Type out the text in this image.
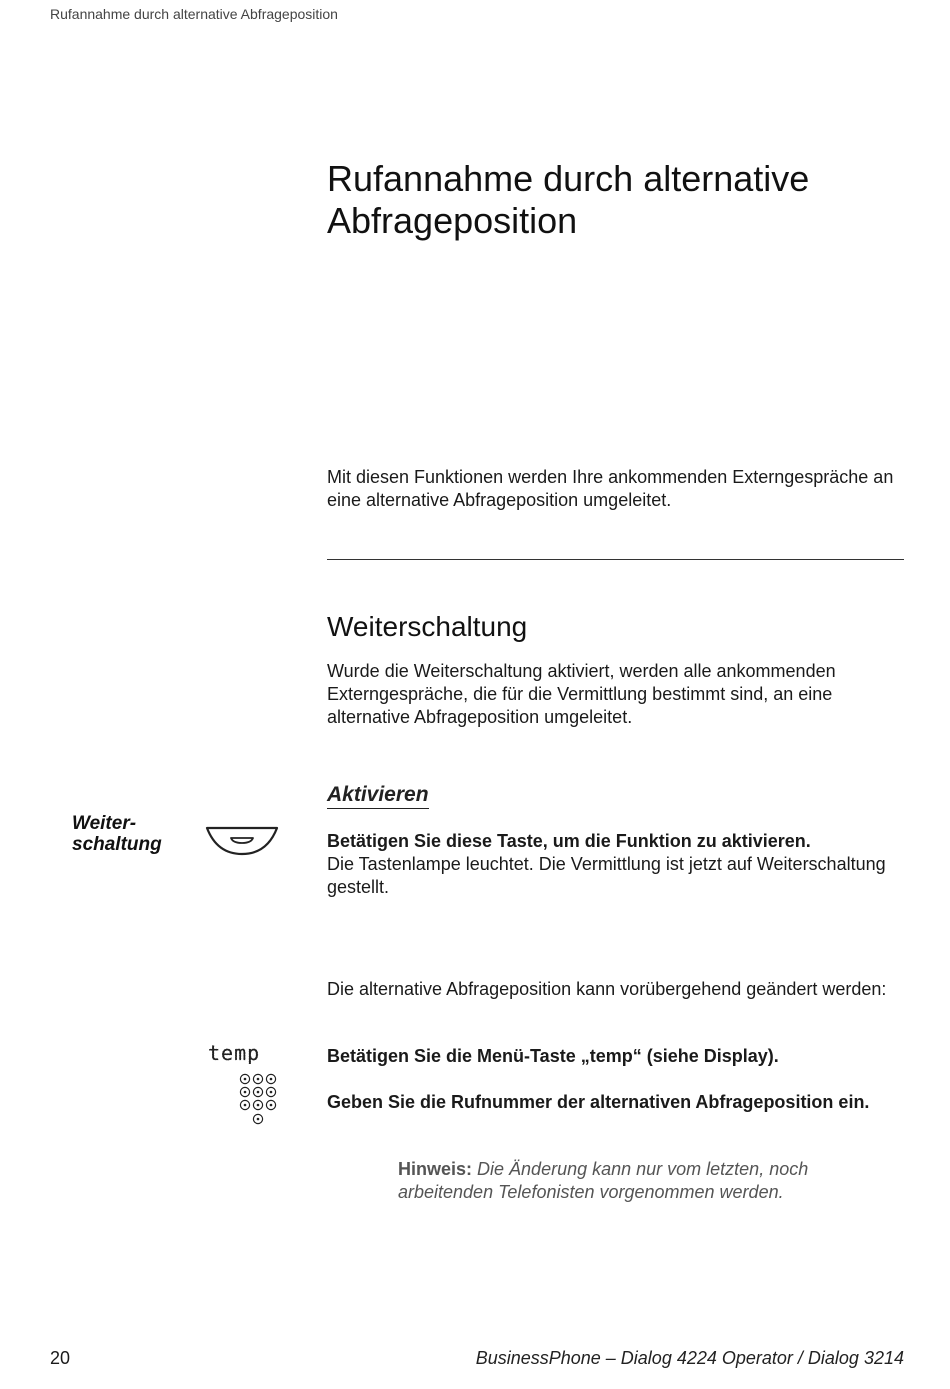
Rufannahme durch alternative Abfrageposition
Rufannahme durch alternative
Abfrageposition
Mit diesen Funktionen werden Ihre ankommenden Externgespräche an eine alternative Abfrageposition umgeleitet.
Weiterschaltung
Wurde die Weiterschaltung aktiviert, werden alle ankommenden Externgespräche, die für die Vermittlung bestimmt sind, an eine alternative Abfrageposition umgeleitet.
Aktivieren
Weiter-
schaltung	Betätigen Sie diese Taste, um die Funktion zu aktivieren.
Die Tastenlampe leuchtet. Die Vermittlung ist jetzt auf Weiterschaltung gestellt.
Die alternative Abfrageposition kann vorübergehend geändert werden:
temp	Betätigen Sie die Menü-Taste „temp“ (siehe Display).
Geben Sie die Rufnummer der alternativen Abfrageposition ein.
Hinweis: Die Änderung kann nur vom letzten, noch arbeitenden Telefonisten vorgenommen werden.
20	BusinessPhone – Dialog 4224 Operator / Dialog 3214
